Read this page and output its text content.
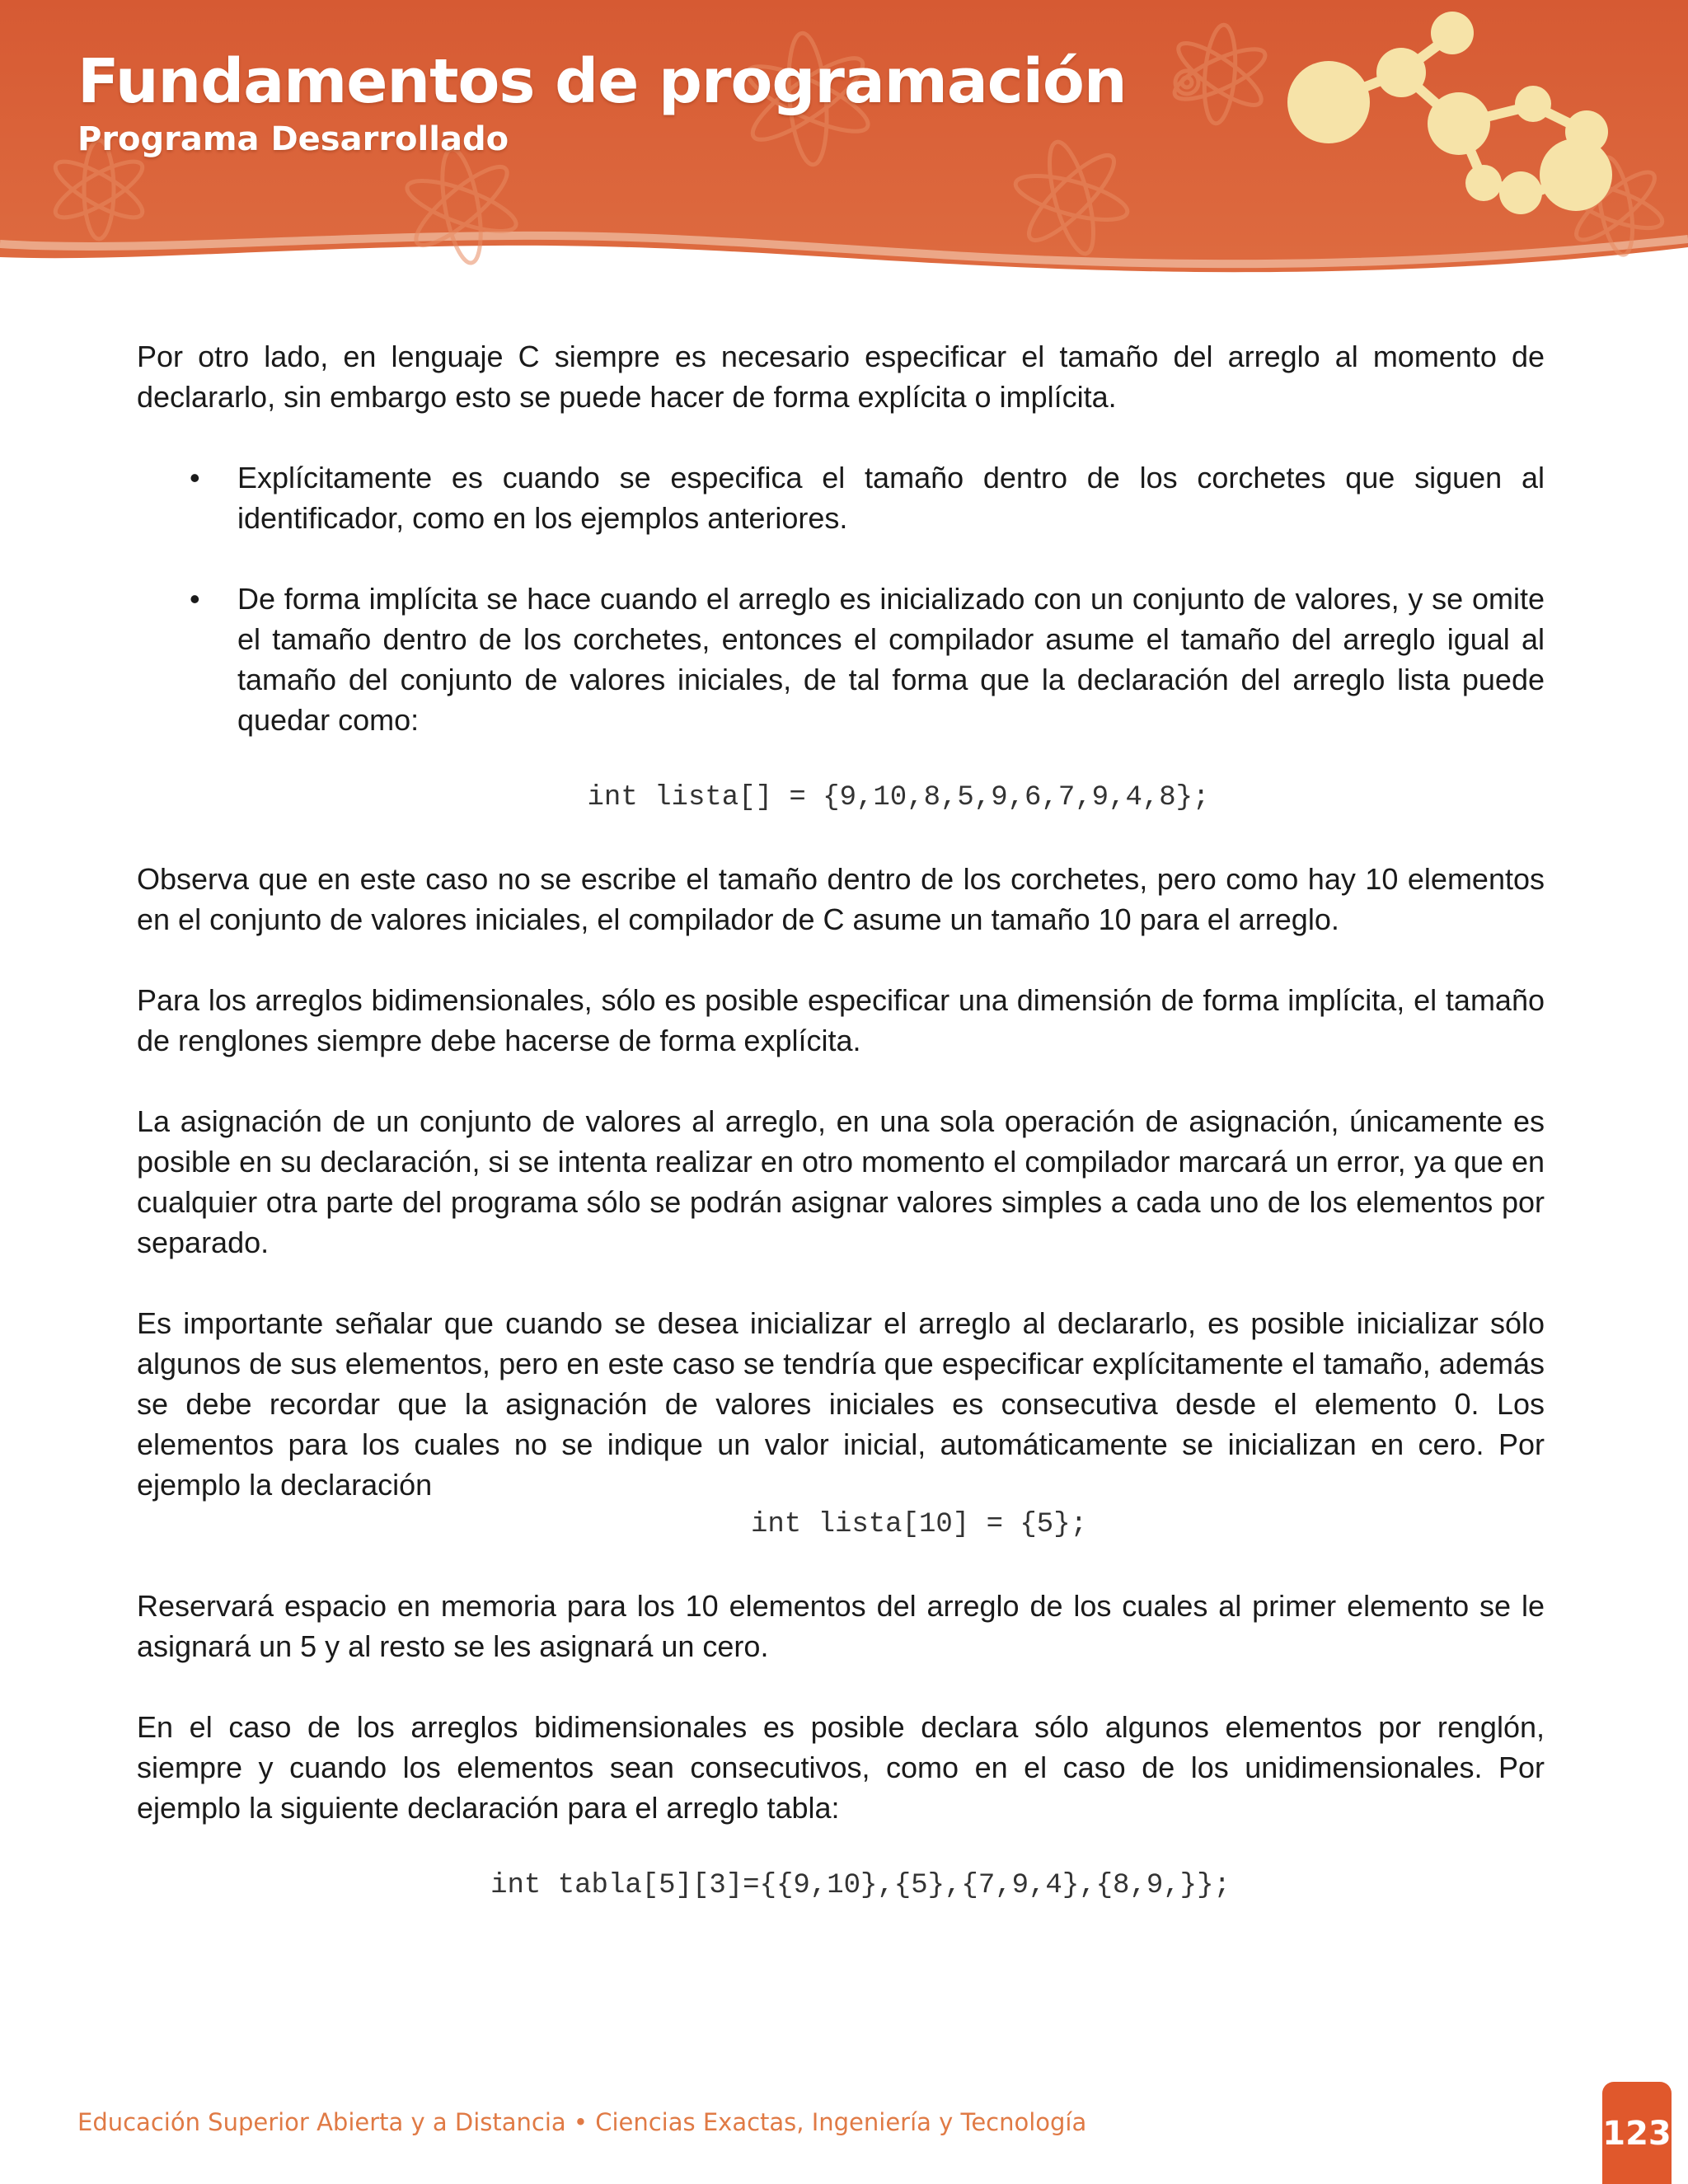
Fundamentos de programación
Programa Desarrollado

Por otro lado, en lenguaje C siempre es necesario especificar el tamaño del arreglo al momento de declararlo, sin embargo esto se puede hacer de forma explícita o implícita.

• Explícitamente es cuando se especifica el tamaño dentro de los corchetes que siguen al identificador, como en los ejemplos anteriores.
• De forma implícita se hace cuando el arreglo es inicializado con un conjunto de valores, y se omite el tamaño dentro de los corchetes, entonces el compilador asume el tamaño del arreglo igual al tamaño del conjunto de valores iniciales, de tal forma que la declaración del arreglo lista puede quedar como:

int lista[] = {9,10,8,5,9,6,7,9,4,8};

Observa que en este caso no se escribe el tamaño dentro de los corchetes, pero como hay 10 elementos en el conjunto de valores iniciales, el compilador de C asume un tamaño 10 para el arreglo.

Para los arreglos bidimensionales, sólo es posible especificar una dimensión de forma implícita, el tamaño de renglones siempre debe hacerse de forma explícita.

La asignación de un conjunto de valores al arreglo, en una sola operación de asignación, únicamente es posible en su declaración, si se intenta realizar en otro momento el compilador marcará un error, ya que en cualquier otra parte del programa sólo se podrán asignar valores simples a cada uno de los elementos por separado.

Es importante señalar que cuando se desea inicializar el arreglo al declararlo, es posible inicializar sólo algunos de sus elementos, pero en este caso se tendría que especificar explícitamente el tamaño, además se debe recordar que la asignación de valores iniciales es consecutiva desde el elemento 0. Los elementos para los cuales no se indique un valor inicial, automáticamente se inicializan en cero. Por ejemplo la declaración

int lista[10] = {5};

Reservará espacio en memoria para los 10 elementos del arreglo de los cuales al primer elemento se le asignará un 5 y al resto se les asignará un cero.

En el caso de los arreglos bidimensionales es posible declara sólo algunos elementos por renglón, siempre y cuando los elementos sean consecutivos, como en el caso de los unidimensionales. Por ejemplo la siguiente declaración para el arreglo tabla:

int tabla[5][3]={{9,10},{5},{7,9,4},{8,9,}};

Educación Superior Abierta y a Distancia • Ciencias Exactas, Ingeniería y Tecnología	123
